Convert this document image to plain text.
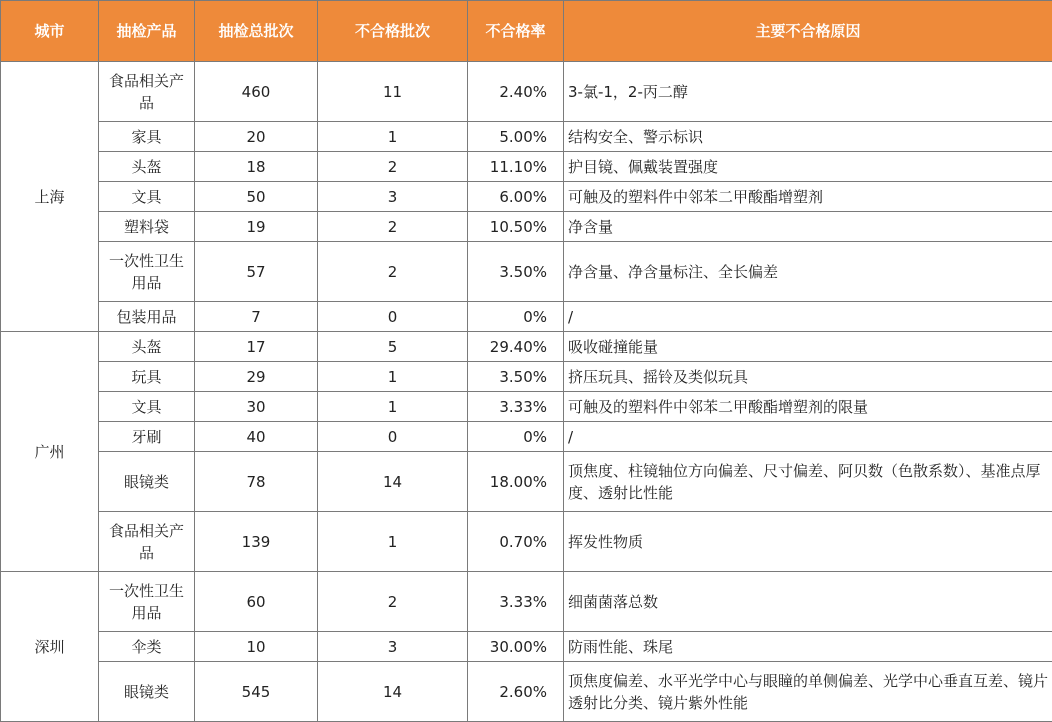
城市	抽检产品	抽检总批次	不合格批次	不合格率	主要不合格原因
上海	食品相关产品	460	11	2.40%	3-氯-1，2-丙二醇
	家具	20	1	5.00%	结构安全、警示标识
	头盔	18	2	11.10%	护目镜、佩戴装置强度
	文具	50	3	6.00%	可触及的塑料件中邻苯二甲酸酯增塑剂
	塑料袋	19	2	10.50%	净含量
	一次性卫生用品	57	2	3.50%	净含量、净含量标注、全长偏差
	包装用品	7	0	0%	/
广州	头盔	17	5	29.40%	吸收碰撞能量
	玩具	29	1	3.50%	挤压玩具、摇铃及类似玩具
	文具	30	1	3.33%	可触及的塑料件中邻苯二甲酸酯增塑剂的限量
	牙刷	40	0	0%	/
	眼镜类	78	14	18.00%	顶焦度、柱镜轴位方向偏差、尺寸偏差、阿贝数（色散系数）、基准点厚度、透射比性能
	食品相关产品	139	1	0.70%	挥发性物质
深圳	一次性卫生用品	60	2	3.33%	细菌菌落总数
	伞类	10	3	30.00%	防雨性能、珠尾
	眼镜类	545	14	2.60%	顶焦度偏差、水平光学中心与眼瞳的单侧偏差、光学中心垂直互差、镜片透射比分类、镜片紫外性能
